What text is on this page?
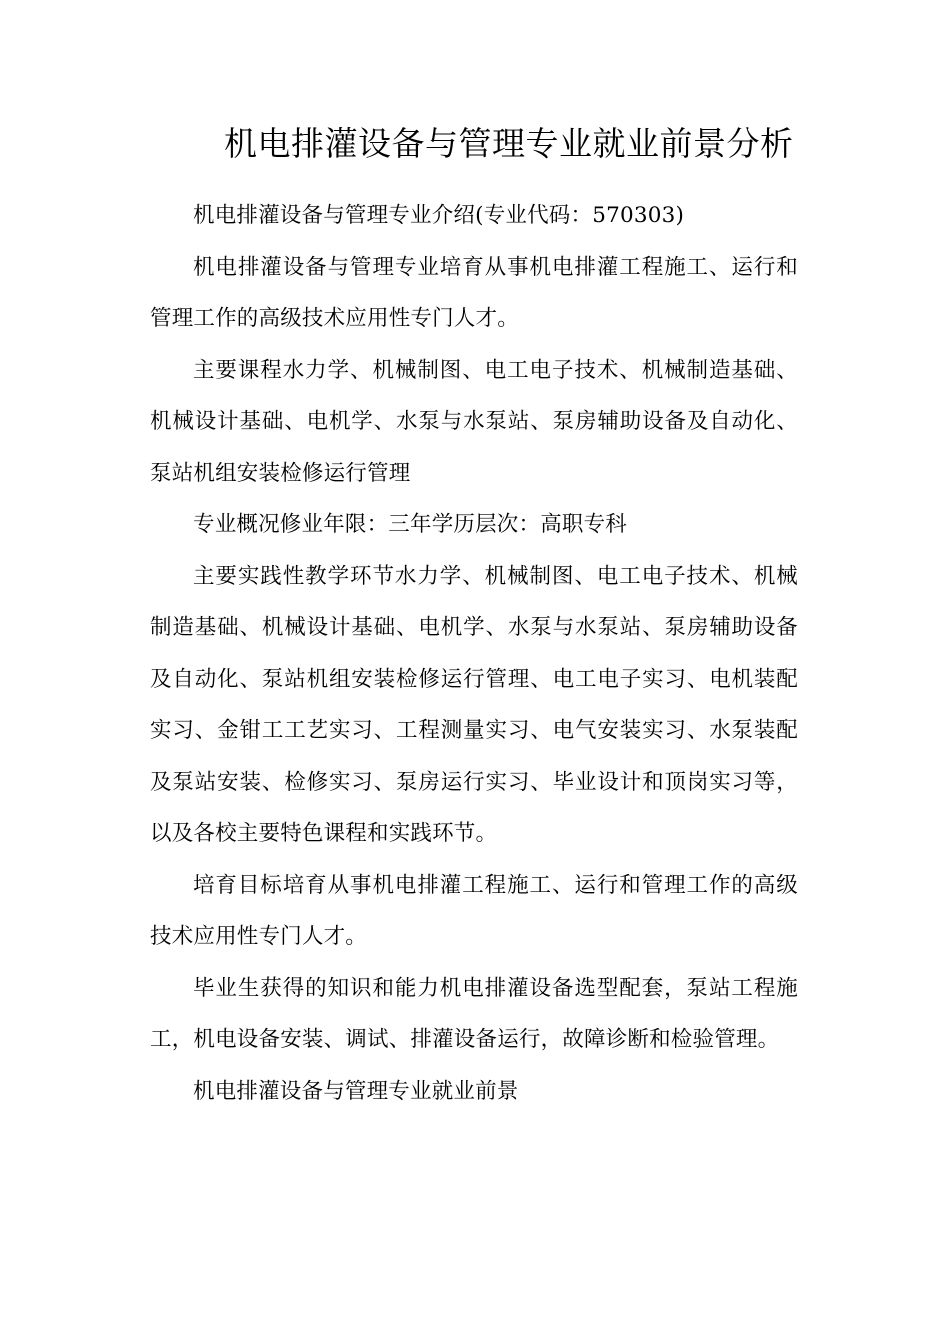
机电排灌设备与管理专业就业前景分析

机电排灌设备与管理专业介绍(专业代码：570303)

机电排灌设备与管理专业培育从事机电排灌工程施工、运行和管理工作的高级技术应用性专门人才。

主要课程水力学、机械制图、电工电子技术、机械制造基础、机械设计基础、电机学、水泵与水泵站、泵房辅助设备及自动化、泵站机组安装检修运行管理

专业概况修业年限：三年学历层次：高职专科

主要实践性教学环节水力学、机械制图、电工电子技术、机械制造基础、机械设计基础、电机学、水泵与水泵站、泵房辅助设备及自动化、泵站机组安装检修运行管理、电工电子实习、电机装配实习、金钳工工艺实习、工程测量实习、电气安装实习、水泵装配及泵站安装、检修实习、泵房运行实习、毕业设计和顶岗实习等，以及各校主要特色课程和实践环节。

培育目标培育从事机电排灌工程施工、运行和管理工作的高级技术应用性专门人才。

毕业生获得的知识和能力机电排灌设备选型配套，泵站工程施工，机电设备安装、调试、排灌设备运行，故障诊断和检验管理。

机电排灌设备与管理专业就业前景
